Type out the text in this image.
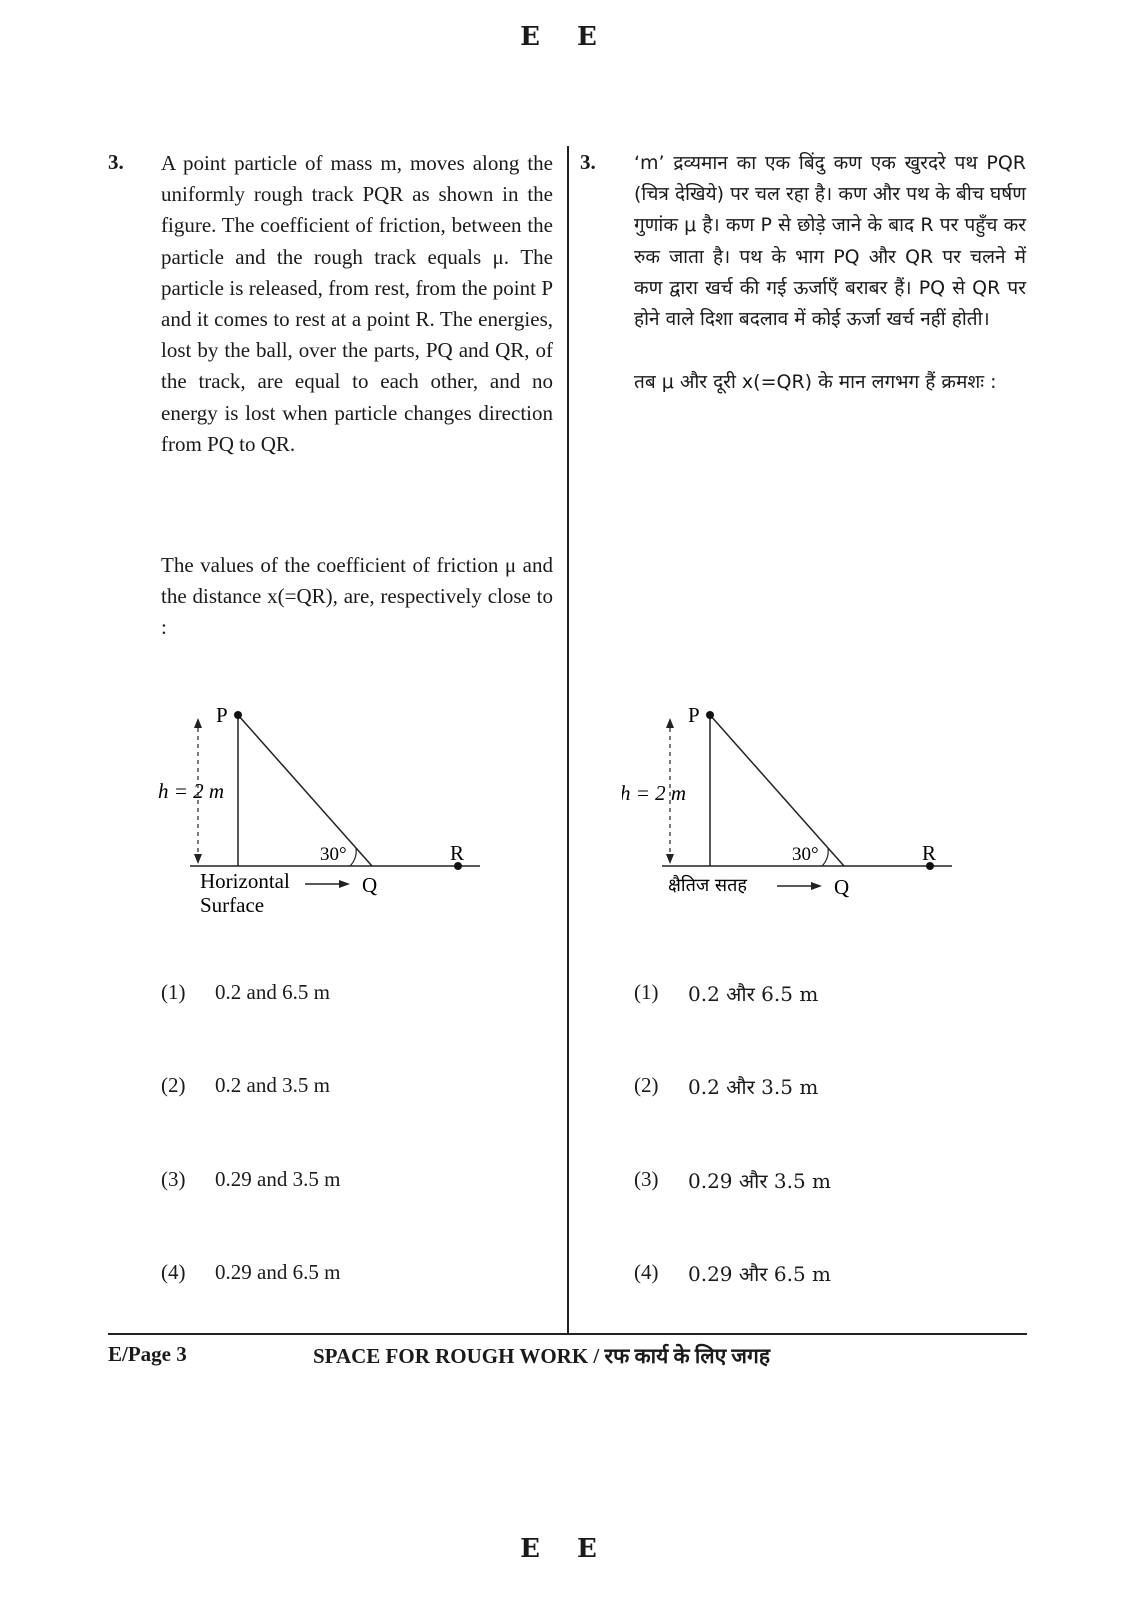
E E
3. A point particle of mass m, moves along the uniformly rough track PQR as shown in the figure. The coefficient of friction, between the particle and the rough track equals μ. The particle is released, from rest, from the point P and it comes to rest at a point R. The energies, lost by the ball, over the parts, PQ and QR, of the track, are equal to each other, and no energy is lost when particle changes direction from PQ to QR.
The values of the coefficient of friction μ and the distance x(=QR), are, respectively close to :
P
h = 2 m
30°	R
Q
Horizontal
Surface
(1) 0.2 and 6.5 m
(2) 0.2 and 3.5 m
(3) 0.29 and 3.5 m
(4) 0.29 and 6.5 m
3. ‘m’ द्रव्यमान का एक बिंदु कण एक खुरदरे पथ PQR (चित्र देखिये) पर चल रहा है। कण और पथ के बीच घर्षण गुणांक μ है। कण P से छोड़े जाने के बाद R पर पहुँच कर रुक जाता है। पथ के भाग PQ और QR पर चलने में कण द्वारा खर्च की गई ऊर्जाएँ बराबर हैं। PQ से QR पर होने वाले दिशा बदलाव में कोई ऊर्जा खर्च नहीं होती।
तब μ और दूरी x(=QR) के मान लगभग हैं क्रमशः :
P
h = 2 m
30°	R
Q
क्षैतिज सतह
(1) 0.2 और 6.5 m
(2) 0.2 और 3.5 m
(3) 0.29 और 3.5 m
(4) 0.29 और 6.5 m
E/Page 3	SPACE FOR ROUGH WORK / रफ कार्य के लिए जगह
E E
